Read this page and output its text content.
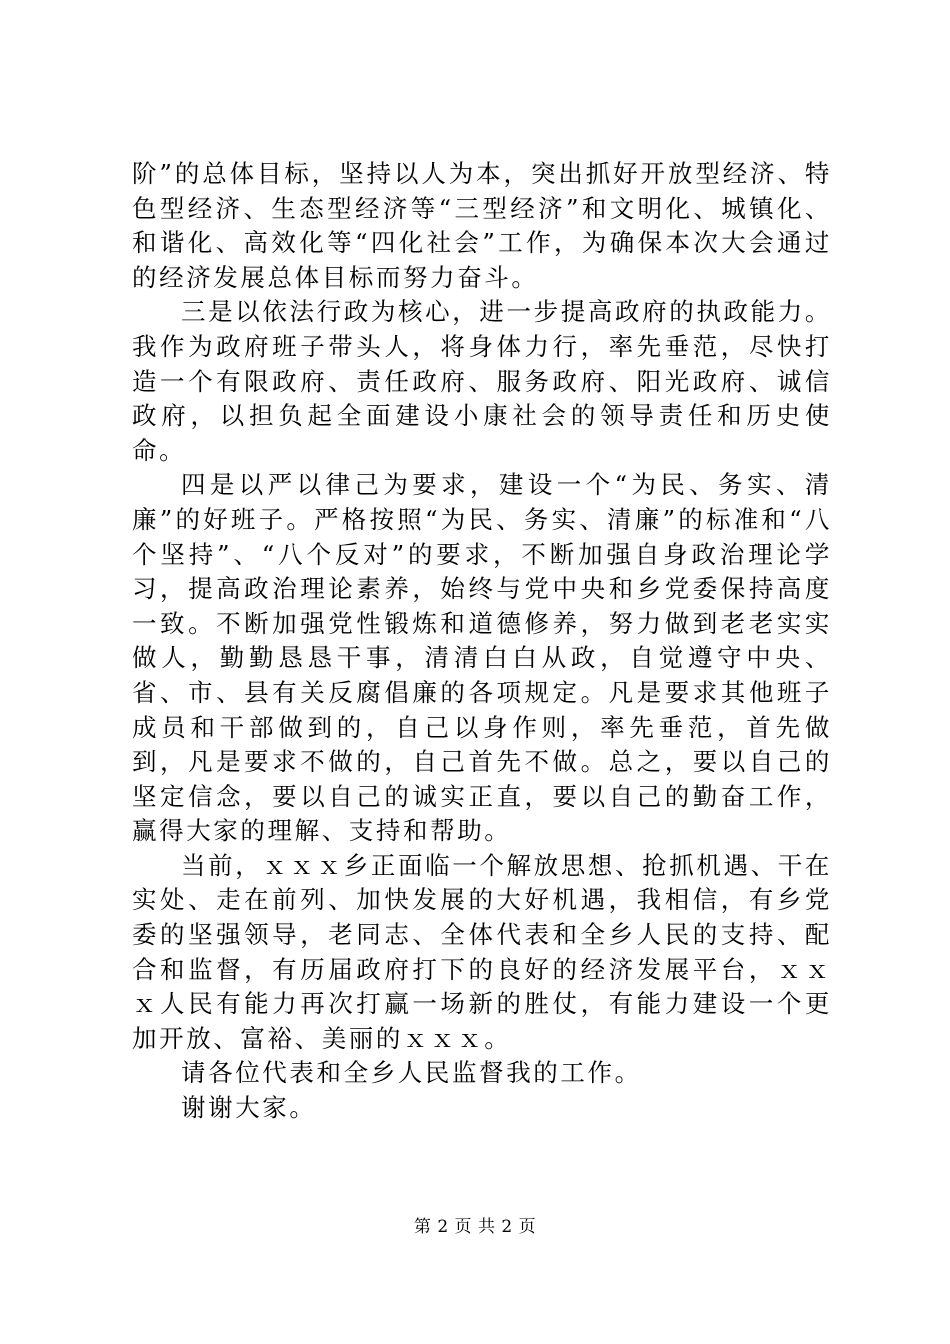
阶”的总体目标，坚持以人为本，突出抓好开放型经济、特色型经济、生态型经济等“三型经济”和文明化、城镇化、和谐化、高效化等“四化社会”工作，为确保本次大会通过的经济发展总体目标而努力奋斗。

三是以依法行政为核心，进一步提高政府的执政能力。我作为政府班子带头人，将身体力行，率先垂范，尽快打造一个有限政府、责任政府、服务政府、阳光政府、诚信政府，以担负起全面建设小康社会的领导责任和历史使命。

四是以严以律己为要求，建设一个“为民、务实、清廉”的好班子。严格按照“为民、务实、清廉”的标准和“八个坚持”、“八个反对”的要求，不断加强自身政治理论学习，提高政治理论素养，始终与党中央和乡党委保持高度一致。不断加强党性锻炼和道德修养，努力做到老老实实做人，勤勤恳恳干事，清清白白从政，自觉遵守中央、省、市、县有关反腐倡廉的各项规定。凡是要求其他班子成员和干部做到的，自己以身作则，率先垂范，首先做到，凡是要求不做的，自己首先不做。总之，要以自己的坚定信念，要以自己的诚实正直，要以自己的勤奋工作，赢得大家的理解、支持和帮助。

当前，ｘｘｘ乡正面临一个解放思想、抢抓机遇、干在实处、走在前列、加快发展的大好机遇，我相信，有乡党委的坚强领导，老同志、全体代表和全乡人民的支持、配合和监督，有历届政府打下的良好的经济发展平台，ｘｘｘ人民有能力再次打赢一场新的胜仗，有能力建设一个更加开放、富裕、美丽的ｘｘｘ。

请各位代表和全乡人民监督我的工作。

谢谢大家。

第 2 页 共 2 页
